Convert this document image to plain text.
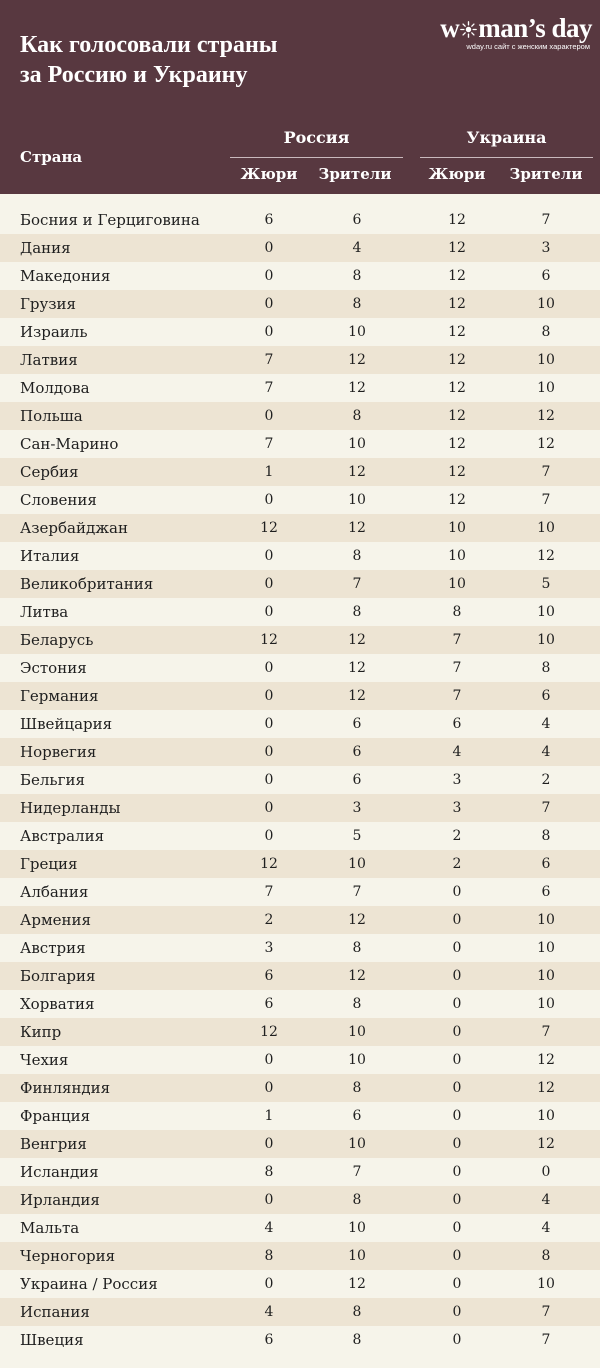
Как голосовали страны
за Россию и Украину
w man’s day
wday.ru сайт с женским характером
Страна
Россия	Украина
Жюри	Зрители	Жюри	Зрители
Босния и Герциговина	6	6	12	7
Дания	0	4	12	3
Македония	0	8	12	6
Грузия	0	8	12	10
Израиль	0	10	12	8
Латвия	7	12	12	10
Молдова	7	12	12	10
Польша	0	8	12	12
Сан-Марино	7	10	12	12
Сербия	1	12	12	7
Словения	0	10	12	7
Азербайджан	12	12	10	10
Италия	0	8	10	12
Великобритания	0	7	10	5
Литва	0	8	8	10
Беларусь	12	12	7	10
Эстония	0	12	7	8
Германия	0	12	7	6
Швейцария	0	6	6	4
Норвегия	0	6	4	4
Бельгия	0	6	3	2
Нидерланды	0	3	3	7
Австралия	0	5	2	8
Греция	12	10	2	6
Албания	7	7	0	6
Армения	2	12	0	10
Австрия	3	8	0	10
Болгария	6	12	0	10
Хорватия	6	8	0	10
Кипр	12	10	0	7
Чехия	0	10	0	12
Финляндия	0	8	0	12
Франция	1	6	0	10
Венгрия	0	10	0	12
Исландия	8	7	0	0
Ирландия	0	8	0	4
Мальта	4	10	0	4
Черногория	8	10	0	8
Украина / Россия	0	12	0	10
Испания	4	8	0	7
Швеция	6	8	0	7
